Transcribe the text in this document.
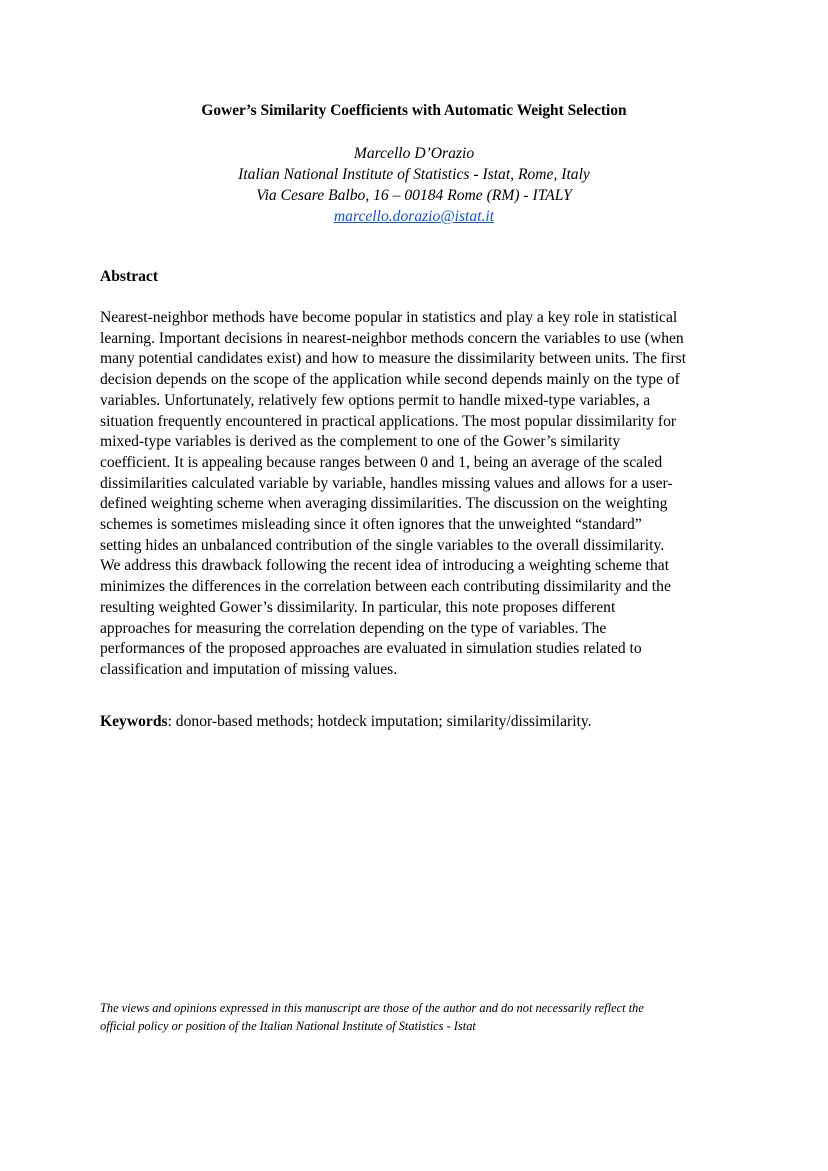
Gower’s Similarity Coefficients with Automatic Weight Selection
Marcello D’Orazio
Italian National Institute of Statistics - Istat, Rome, Italy
Via Cesare Balbo, 16 – 00184 Rome (RM) - ITALY
marcello.dorazio@istat.it
Abstract
Nearest-neighbor methods have become popular in statistics and play a key role in statistical
learning. Important decisions in nearest-neighbor methods concern the variables to use (when
many potential candidates exist) and how to measure the dissimilarity between units. The first
decision depends on the scope of the application while second depends mainly on the type of
variables. Unfortunately, relatively few options permit to handle mixed-type variables, a
situation frequently encountered in practical applications. The most popular dissimilarity for
mixed-type variables is derived as the complement to one of the Gower’s similarity
coefficient. It is appealing because ranges between 0 and 1, being an average of the scaled
dissimilarities calculated variable by variable, handles missing values and allows for a user-
defined weighting scheme when averaging dissimilarities. The discussion on the weighting
schemes is sometimes misleading since it often ignores that the unweighted “standard”
setting hides an unbalanced contribution of the single variables to the overall dissimilarity.
We address this drawback following the recent idea of introducing a weighting scheme that
minimizes the differences in the correlation between each contributing dissimilarity and the
resulting weighted Gower’s dissimilarity. In particular, this note proposes different
approaches for measuring the correlation depending on the type of variables. The
performances of the proposed approaches are evaluated in simulation studies related to
classification and imputation of missing values.
Keywords: donor-based methods; hotdeck imputation; similarity/dissimilarity.
The views and opinions expressed in this manuscript are those of the author and do not necessarily reflect the
official policy or position of the Italian National Institute of Statistics - Istat
